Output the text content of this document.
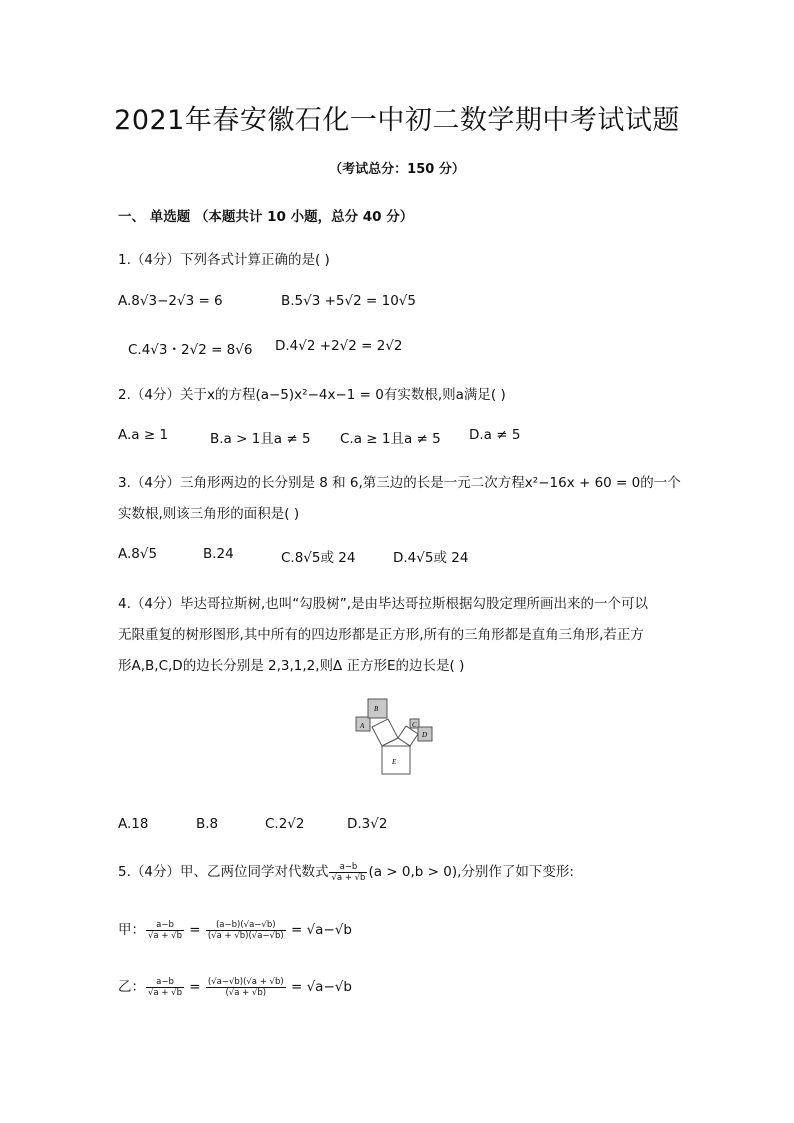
2021年春安徽石化一中初二数学期中考试试题
（考试总分：150 分）
一、 单选题 （本题共计 10 小题，总分 40 分）
1.（4分）下列各式计算正确的是( )
A.8√3−2√3 = 6	B.5√3 +5√2 = 10√5
C.4√3・2√2 = 8√6 D.4√2 +2√2 = 2√2
2.（4分）关于x的方程(a−5)x²−4x−1 = 0有实数根,则a满足( )
A.a ≥ 1	B.a > 1且a ≠ 5 C.a ≥ 1且a ≠ 5 D.a ≠ 5
3.（4分）三角形两边的长分别是 8 和 6,第三边的长是一元二次方程x²−16x + 60 = 0的一个
实数根,则该三角形的面积是( )
A.8√5	B.24	C.8√5或 24	D.4√5或 24
4.（4分）毕达哥拉斯树,也叫“勾股树”,是由毕达哥拉斯根据勾股定理所画出来的一个可以
无限重复的树形图形,其中所有的四边形都是正方形,所有的三角形都是直角三角形,若正方
形A,B,C,D的边长分别是 2,3,1,2,则Δ 正方形E的边长是( )
A
B
C
D
E
A.18	B.8	C.2√2	D.3√2
5.（4分）甲、乙两位同学对代数式 $\frac{a-b}{√a + √b} (a > 0,b > 0)$,分别作了如下变形:
甲： $\frac{a-b}{√a + √b} = \frac{(a-b)(√a-√b)}{(√a + √b)(√a-√b)} = √a-√b$
乙： $\frac{a-b}{√a + √b} = \frac{(√a-√b)(√a + √b)}{(√a + √b)} = √a-√b$
